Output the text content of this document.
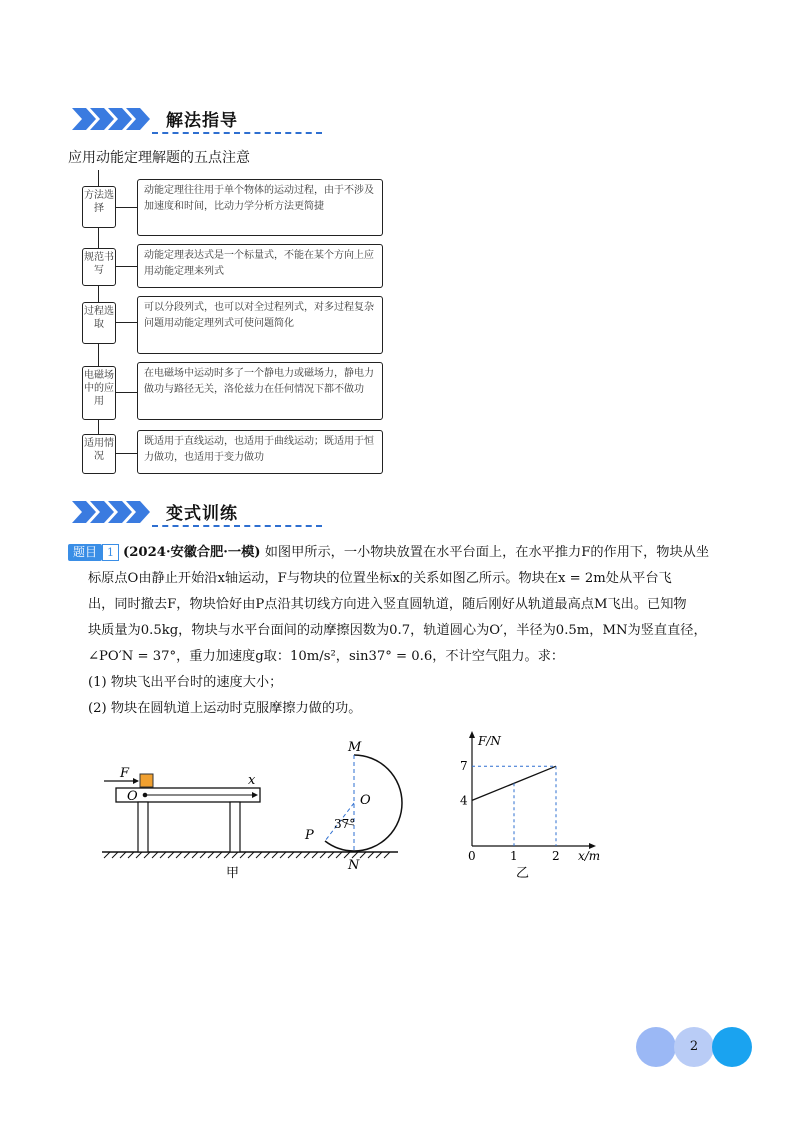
解法指导
应用动能定理解题的五点注意
方法选择
动能定理往往用于单个物体的运动过程，由于不涉及加速度和时间，比动力学分析方法更简捷
规范书写
动能定理表达式是一个标量式，不能在某个方向上应用动能定理来列式
过程选取
可以分段列式，也可以对全过程列式，对多过程复杂问题用动能定理列式可使问题简化
电磁场中的应用
在电磁场中运动时多了一个静电力或磁场力，静电力做功与路径无关，洛伦兹力在任何情况下都不做功
适用情况
既适用于直线运动，也适用于曲线运动；既适用于恒力做功，也适用于变力做功
变式训练

题目 1 (2024·安徽合肥·一模) 如图甲所示，一小物块放置在水平台面上，在水平推力F的作用下，物块从坐

标原点O由静止开始沿x轴运动，F与物块的位置坐标x的关系如图乙所示。物块在x = 2m处从平台飞

出，同时撤去F，物块恰好由P点沿其切线方向进入竖直圆轨道，随后刚好从轨道最高点M飞出。已知物

块质量为0.5kg，物块与水平台面间的动摩擦因数为0.7，轨道圆心为O′，半径为0.5m，MN为竖直直径，

∠PO′N = 37°，重力加速度g取：10m/s²，sin37° = 0.6，不计空气阻力。求：

(1) 物块飞出平台时的速度大小；

(2) 物块在圆轨道上运动时克服摩擦力做的功。

F
O
x
M
O
P
37°
N
甲
F/N
x/m
0	1	2
4
7
乙
2
